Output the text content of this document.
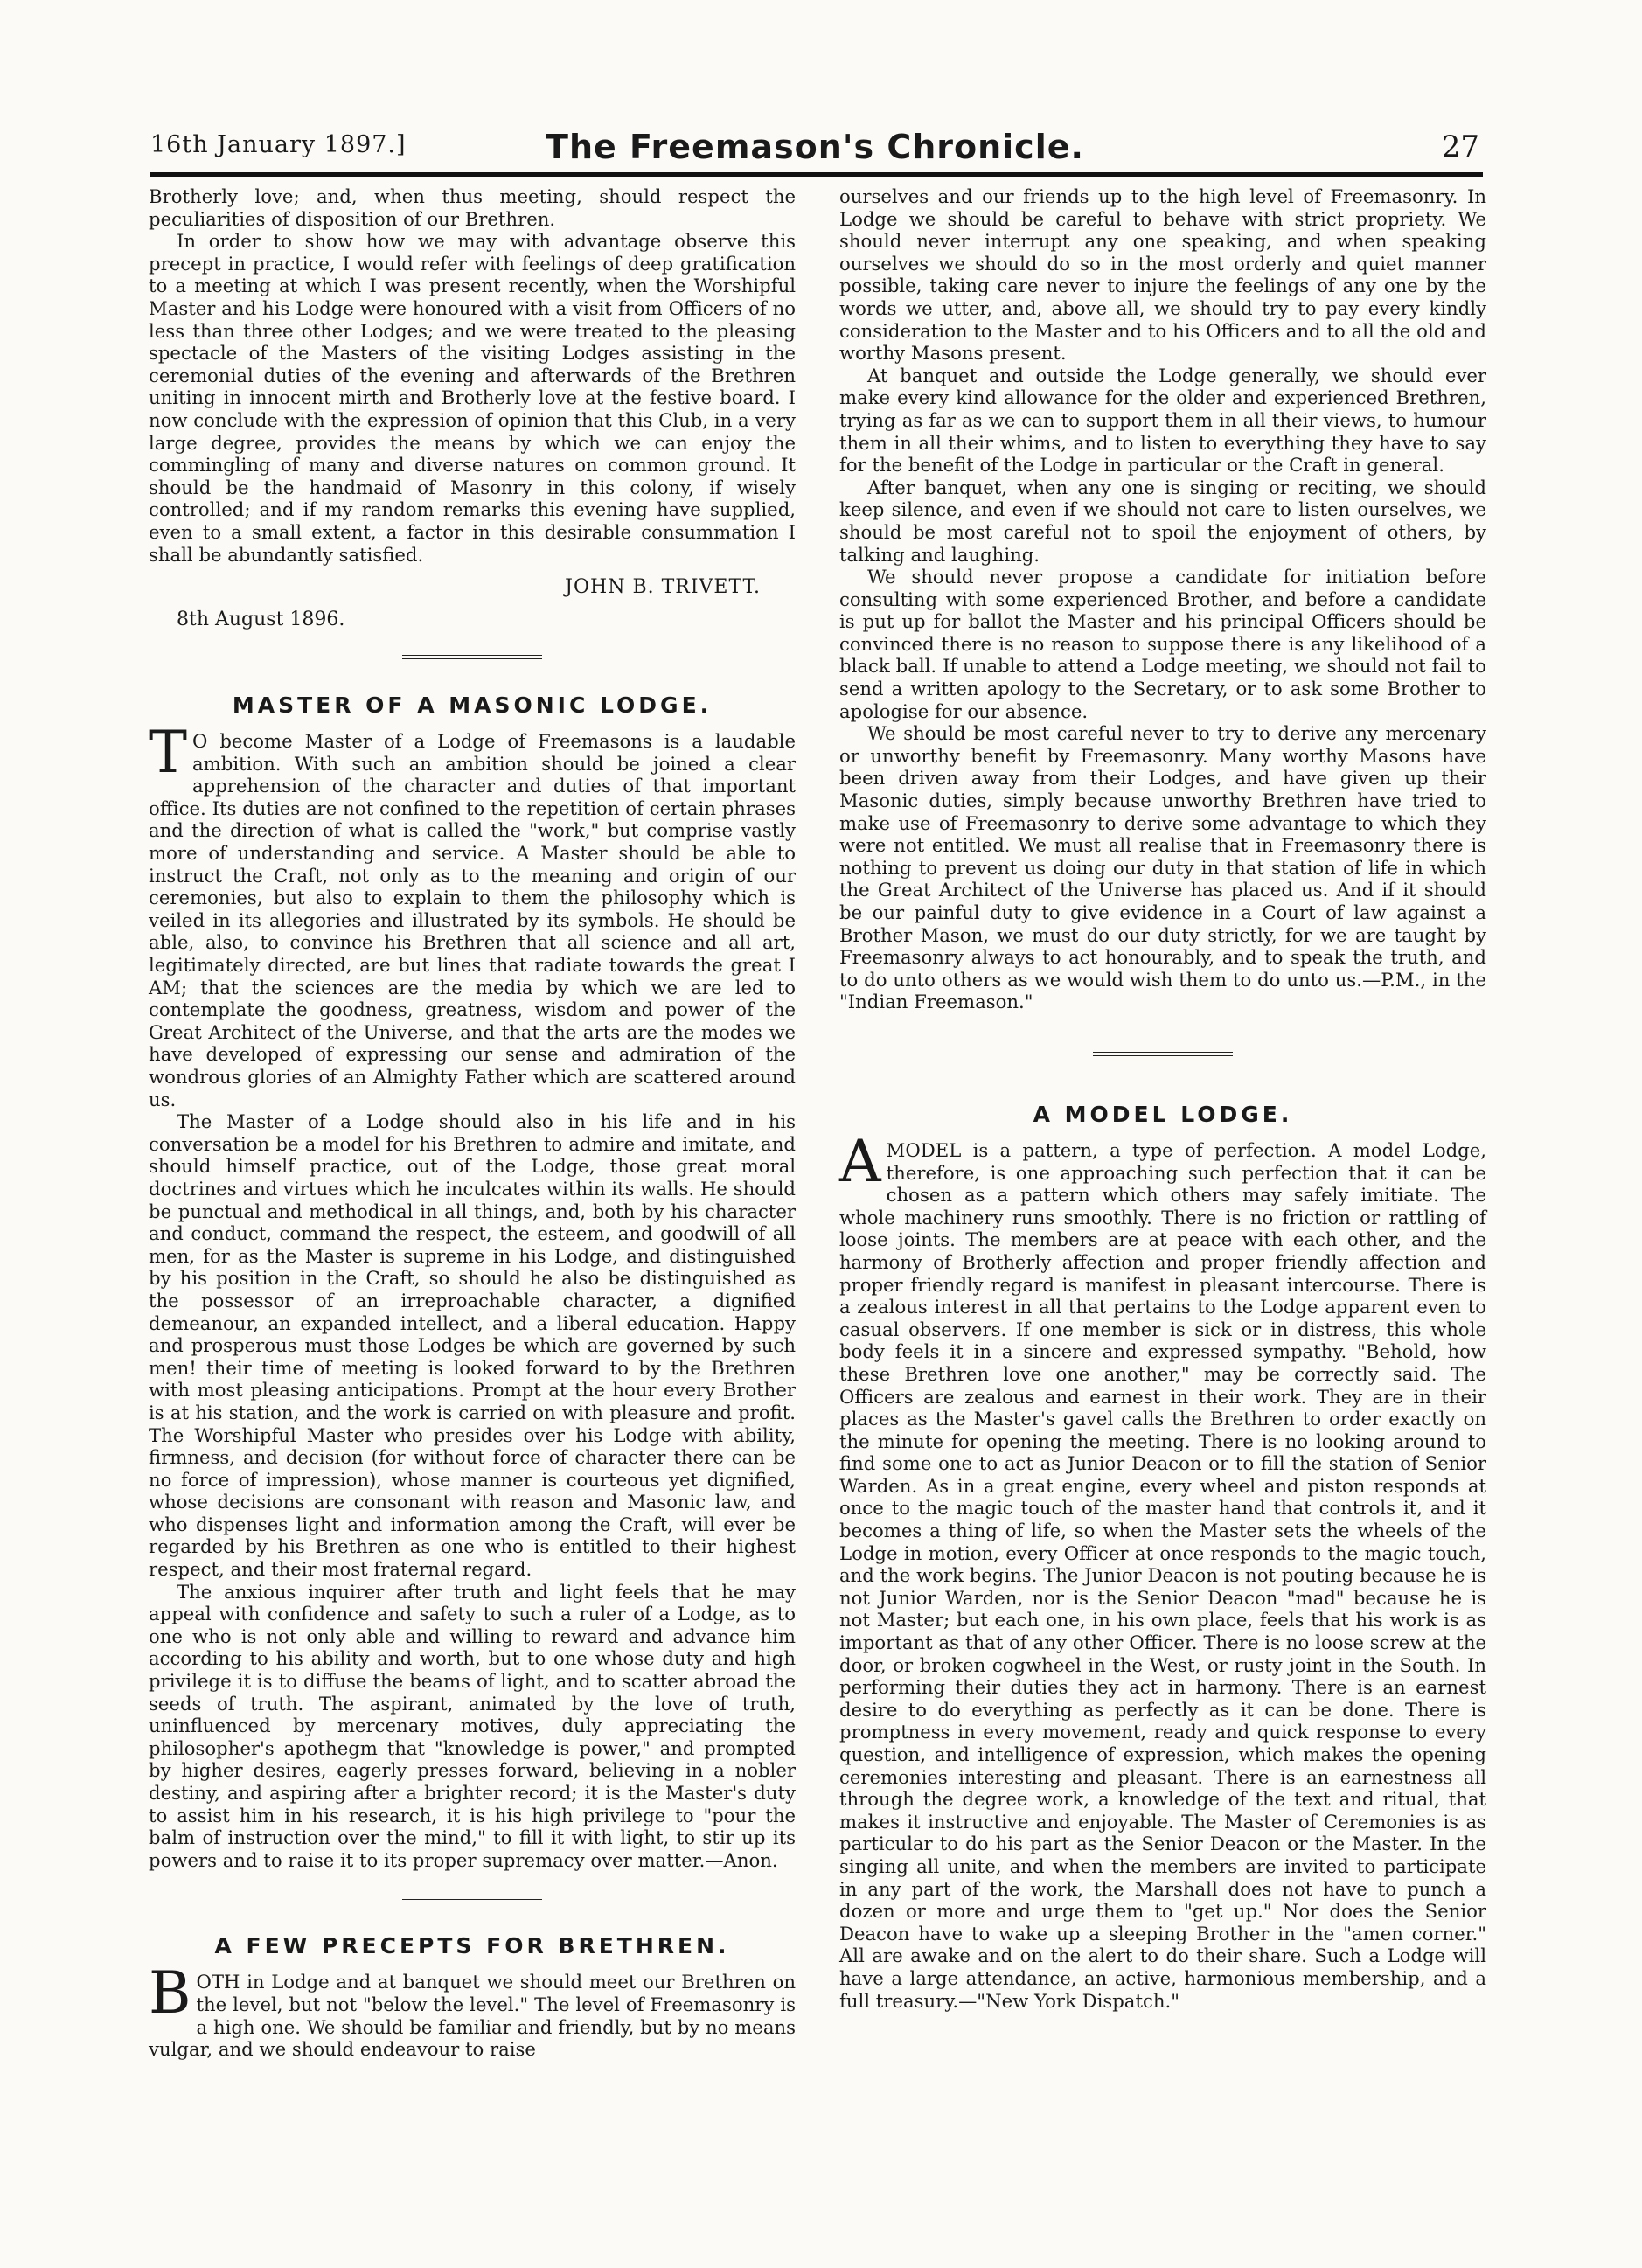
16th January 1897.]	The Freemason's Chronicle.	27

Brotherly love; and, when thus meeting, should respect the peculiarities of disposition of our Brethren.

In order to show how we may with advantage observe this precept in practice, I would refer with feelings of deep gratification to a meeting at which I was present recently, when the Worshipful Master and his Lodge were honoured with a visit from Officers of no less than three other Lodges; and we were treated to the pleasing spectacle of the Masters of the visiting Lodges assisting in the ceremonial duties of the evening and afterwards of the Brethren uniting in innocent mirth and Brotherly love at the festive board. I now conclude with the expression of opinion that this Club, in a very large degree, provides the means by which we can enjoy the commingling of many and diverse natures on common ground. It should be the handmaid of Masonry in this colony, if wisely controlled; and if my random remarks this evening have supplied, even to a small extent, a factor in this desirable consummation I shall be abundantly satisfied.

JOHN B. TRIVETT.
8th August 1896.
MASTER OF A MASONIC LODGE.

T O become Master of a Lodge of Freemasons is a laudable ambition. With such an ambition should be joined a clear apprehension of the character and duties of that important office. Its duties are not confined to the repetition of certain phrases and the direction of what is called the "work," but comprise vastly more of understanding and service. A Master should be able to instruct the Craft, not only as to the meaning and origin of our ceremonies, but also to explain to them the philosophy which is veiled in its allegories and illustrated by its symbols. He should be able, also, to convince his Brethren that all science and all art, legitimately directed, are but lines that radiate towards the great I AM; that the sciences are the media by which we are led to contemplate the goodness, greatness, wisdom and power of the Great Architect of the Universe, and that the arts are the modes we have developed of expressing our sense and admiration of the wondrous glories of an Almighty Father which are scattered around us.

The Master of a Lodge should also in his life and in his conversation be a model for his Brethren to admire and imitate, and should himself practice, out of the Lodge, those great moral doctrines and virtues which he inculcates within its walls. He should be punctual and methodical in all things, and, both by his character and conduct, command the respect, the esteem, and goodwill of all men, for as the Master is supreme in his Lodge, and distinguished by his position in the Craft, so should he also be distinguished as the possessor of an irreproachable character, a dignified demeanour, an expanded intellect, and a liberal education. Happy and prosperous must those Lodges be which are governed by such men! their time of meeting is looked forward to by the Brethren with most pleasing anticipations. Prompt at the hour every Brother is at his station, and the work is carried on with pleasure and profit. The Worshipful Master who presides over his Lodge with ability, firmness, and decision (for without force of character there can be no force of impression), whose manner is courteous yet dignified, whose decisions are consonant with reason and Masonic law, and who dispenses light and information among the Craft, will ever be regarded by his Brethren as one who is entitled to their highest respect, and their most fraternal regard.

The anxious inquirer after truth and light feels that he may appeal with confidence and safety to such a ruler of a Lodge, as to one who is not only able and willing to reward and advance him according to his ability and worth, but to one whose duty and high privilege it is to diffuse the beams of light, and to scatter abroad the seeds of truth. The aspirant, animated by the love of truth, uninfluenced by mercenary motives, duly appreciating the philosopher's apothegm that "knowledge is power," and prompted by higher desires, eagerly presses forward, believing in a nobler destiny, and aspiring after a brighter record; it is the Master's duty to assist him in his research, it is his high privilege to "pour the balm of instruction over the mind," to fill it with light, to stir up its powers and to raise it to its proper supremacy over matter.—Anon.

A FEW PRECEPTS FOR BRETHREN.

BOTH in Lodge and at banquet we should meet our Brethren on the level, but not "below the level." The level of Freemasonry is a high one. We should be familiar and friendly, but by no means vulgar, and we should endeavour to raise

ourselves and our friends up to the high level of Freemasonry. In Lodge we should be careful to behave with strict propriety. We should never interrupt any one speaking, and when speaking ourselves we should do so in the most orderly and quiet manner possible, taking care never to injure the feelings of any one by the words we utter, and, above all, we should try to pay every kindly consideration to the Master and to his Officers and to all the old and worthy Masons present.

At banquet and outside the Lodge generally, we should ever make every kind allowance for the older and experienced Brethren, trying as far as we can to support them in all their views, to humour them in all their whims, and to listen to everything they have to say for the benefit of the Lodge in particular or the Craft in general.

After banquet, when any one is singing or reciting, we should keep silence, and even if we should not care to listen ourselves, we should be most careful not to spoil the enjoyment of others, by talking and laughing.

We should never propose a candidate for initiation before consulting with some experienced Brother, and before a candidate is put up for ballot the Master and his principal Officers should be convinced there is no reason to suppose there is any likelihood of a black ball. If unable to attend a Lodge meeting, we should not fail to send a written apology to the Secretary, or to ask some Brother to apologise for our absence.

We should be most careful never to try to derive any mercenary or unworthy benefit by Freemasonry. Many worthy Masons have been driven away from their Lodges, and have given up their Masonic duties, simply because unworthy Brethren have tried to make use of Freemasonry to derive some advantage to which they were not entitled. We must all realise that in Freemasonry there is nothing to prevent us doing our duty in that station of life in which the Great Architect of the Universe has placed us. And if it should be our painful duty to give evidence in a Court of law against a Brother Mason, we must do our duty strictly, for we are taught by Freemasonry always to act honourably, and to speak the truth, and to do unto others as we would wish them to do unto us.—P.M., in the "Indian Freemason."

A MODEL LODGE.

AMODEL is a pattern, a type of perfection. A model Lodge, therefore, is one approaching such perfection that it can be chosen as a pattern which others may safely imitiate. The whole machinery runs smoothly. There is no friction or rattling of loose joints. The members are at peace with each other, and the harmony of Brotherly affection and proper friendly affection and proper friendly regard is manifest in pleasant intercourse. There is a zealous interest in all that pertains to the Lodge apparent even to casual observers. If one member is sick or in distress, this whole body feels it in a sincere and expressed sympathy. "Behold, how these Brethren love one another," may be correctly said. The Officers are zealous and earnest in their work. They are in their places as the Master's gavel calls the Brethren to order exactly on the minute for opening the meeting. There is no looking around to find some one to act as Junior Deacon or to fill the station of Senior Warden. As in a great engine, every wheel and piston responds at once to the magic touch of the master hand that controls it, and it becomes a thing of life, so when the Master sets the wheels of the Lodge in motion, every Officer at once responds to the magic touch, and the work begins. The Junior Deacon is not pouting because he is not Junior Warden, nor is the Senior Deacon "mad" because he is not Master; but each one, in his own place, feels that his work is as important as that of any other Officer. There is no loose screw at the door, or broken cogwheel in the West, or rusty joint in the South. In performing their duties they act in harmony. There is an earnest desire to do everything as perfectly as it can be done. There is promptness in every movement, ready and quick response to every question, and intelligence of expression, which makes the opening ceremonies interesting and pleasant. There is an earnestness all through the degree work, a knowledge of the text and ritual, that makes it instructive and enjoyable. The Master of Ceremonies is as particular to do his part as the Senior Deacon or the Master. In the singing all unite, and when the members are invited to participate in any part of the work, the Marshall does not have to punch a dozen or more and urge them to "get up." Nor does the Senior Deacon have to wake up a sleeping Brother in the "amen corner." All are awake and on the alert to do their share. Such a Lodge will have a large attendance, an active, harmonious membership, and a full treasury.—"New York Dispatch."
